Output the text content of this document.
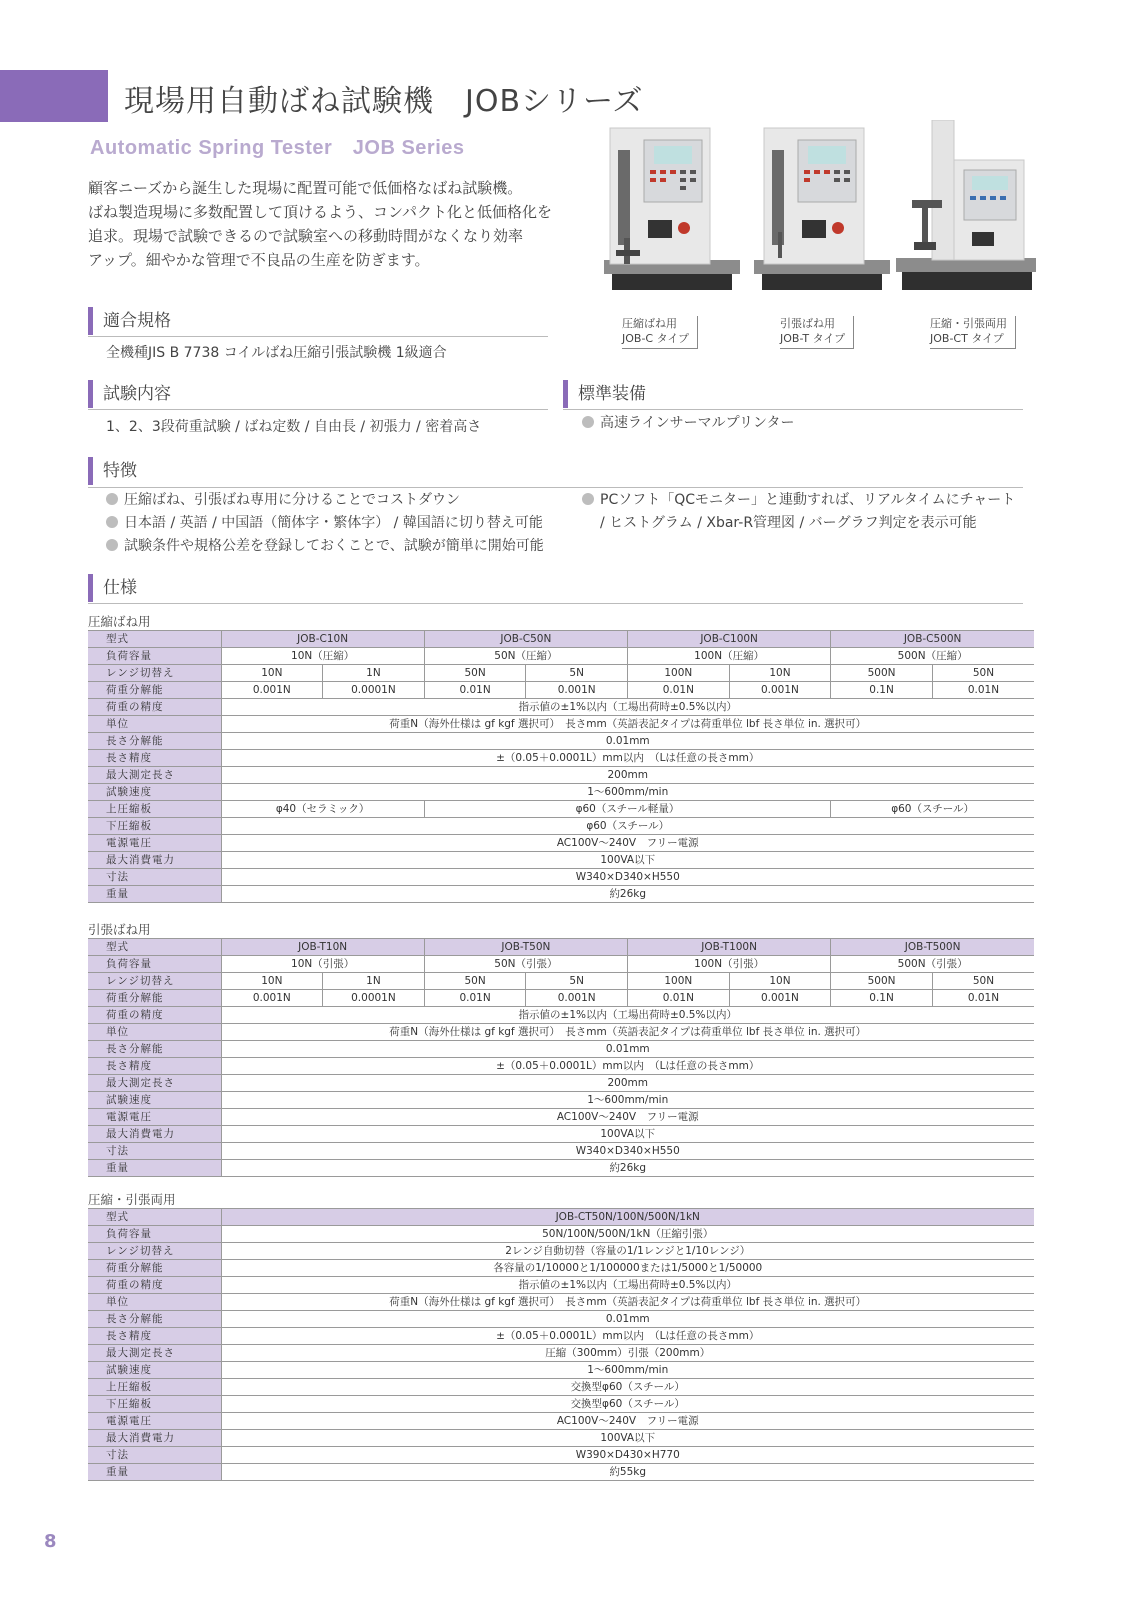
現場用自動ばね試験機　JOBシリーズ
Automatic Spring Tester　JOB Series
顧客ニーズから誕生した現場に配置可能で低価格なばね試験機。
ばね製造現場に多数配置して頂けるよう、コンパクト化と低価格化を
追求。現場で試験できるので試験室への移動時間がなくなり効率
アップ。細やかな管理で不良品の生産を防ぎます。
圧縮ばね用
JOB-C タイプ
引張ばね用
JOB-T タイプ
圧縮・引張両用
JOB-CT タイプ
適合規格
全機種JIS B 7738 コイルばね圧縮引張試験機 1級適合
試験内容
1、2、3段荷重試験 / ばね定数 / 自由長 / 初張力 / 密着高さ
標準装備
高速ラインサーマルプリンター
特徴
圧縮ばね、引張ばね専用に分けることでコストダウン
日本語 / 英語 / 中国語（簡体字・繁体字） / 韓国語に切り替え可能
試験条件や規格公差を登録しておくことで、試験が簡単に開始可能
PCソフト「QCモニター」と連動すれば、リアルタイムにチャート
/ ヒストグラム / Xbar-R管理図 / バーグラフ判定を表示可能
仕様
圧縮ばね用
型式	JOB-C10N		JOB-C50N		JOB-C100N		JOB-C500N	
負荷容量	10N（圧縮）		50N（圧縮）		100N（圧縮）		500N（圧縮）	
レンジ切替え	10N	1N	50N	5N	100N	10N	500N	50N
荷重分解能	0.001N	0.0001N	0.01N	0.001N	0.01N	0.001N	0.1N	0.01N
荷重の精度	指示値の±1%以内（工場出荷時±0.5%以内）							
単位	荷重N（海外仕様は gf kgf 選択可）　長さmm（英語表記タイプは荷重単位 lbf 長さ単位 in. 選択可）							
長さ分解能	0.01mm							
長さ精度	±（0.05＋0.0001L）mm以内　（Lは任意の長さmm）							
最大測定長さ	200mm							
試験速度	1〜600mm/min							
上圧縮板	φ40（セラミック）		φ60（スチール軽量）				φ60（スチール）	
下圧縮板	φ60（スチール）							
電源電圧	AC100V〜240V　フリー電源							
最大消費電力	100VA以下							
寸法	W340×D340×H550							
重量	約26kg							
引張ばね用
型式	JOB-T10N		JOB-T50N		JOB-T100N		JOB-T500N	
負荷容量	10N（引張）		50N（引張）		100N（引張）		500N（引張）	
レンジ切替え	10N	1N	50N	5N	100N	10N	500N	50N
荷重分解能	0.001N	0.0001N	0.01N	0.001N	0.01N	0.001N	0.1N	0.01N
荷重の精度	指示値の±1%以内（工場出荷時±0.5%以内）							
単位	荷重N（海外仕様は gf kgf 選択可）　長さmm（英語表記タイプは荷重単位 lbf 長さ単位 in. 選択可）							
長さ分解能	0.01mm							
長さ精度	±（0.05＋0.0001L）mm以内　（Lは任意の長さmm）							
最大測定長さ	200mm							
試験速度	1〜600mm/min							
電源電圧	AC100V〜240V　フリー電源							
最大消費電力	100VA以下							
寸法	W340×D340×H550							
重量	約26kg							
圧縮・引張両用
型式	JOB-CT50N/100N/500N/1kN
負荷容量	50N/100N/500N/1kN（圧縮引張）
レンジ切替え	2レンジ自動切替（容量の1/1レンジと1/10レンジ）
荷重分解能	各容量の1/10000と1/100000または1/5000と1/50000
荷重の精度	指示値の±1%以内（工場出荷時±0.5%以内）
単位	荷重N（海外仕様は gf kgf 選択可）　長さmm（英語表記タイプは荷重単位 lbf 長さ単位 in. 選択可）
長さ分解能	0.01mm
長さ精度	±（0.05＋0.0001L）mm以内　（Lは任意の長さmm）
最大測定長さ	圧縮（300mm）引張（200mm）
試験速度	1〜600mm/min
上圧縮板	交換型φ60（スチール）
下圧縮板	交換型φ60（スチール）
電源電圧	AC100V〜240V　フリー電源
最大消費電力	100VA以下
寸法	W390×D430×H770
重量	約55kg
8
